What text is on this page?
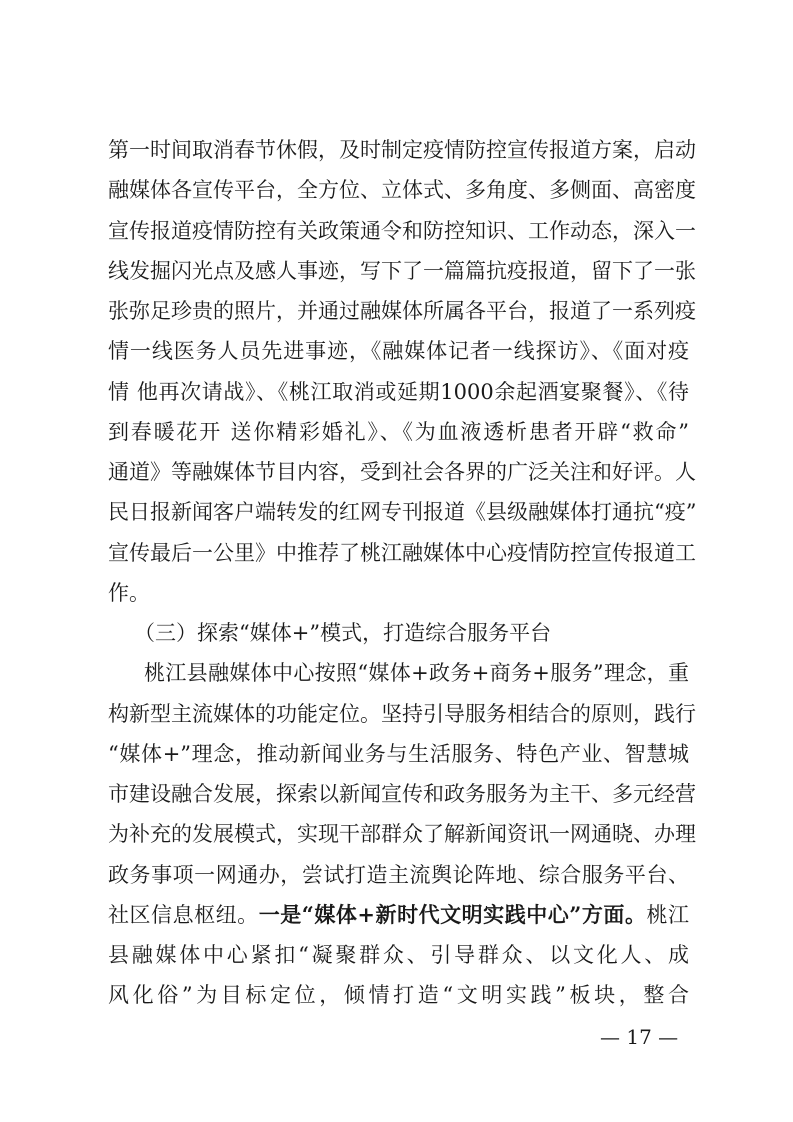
第一时间取消春节休假，及时制定疫情防控宣传报道方案，启动
融媒体各宣传平台，全方位、立体式、多角度、多侧面、高密度
宣传报道疫情防控有关政策通令和防控知识、工作动态，深入一
线发掘闪光点及感人事迹，写下了一篇篇抗疫报道，留下了一张
张弥足珍贵的照片，并通过融媒体所属各平台，报道了一系列疫
情一线医务人员先进事迹，《融媒体记者一线探访》、《面对疫
情 他再次请战》、《桃江取消或延期1000余起酒宴聚餐》、《待
到春暖花开 送你精彩婚礼》、《为血液透析患者开辟“救命”
通道》等融媒体节目内容，受到社会各界的广泛关注和好评。人
民日报新闻客户端转发的红网专刊报道《县级融媒体打通抗“疫”
宣传最后一公里》中推荐了桃江融媒体中心疫情防控宣传报道工
作。
（三）探索“媒体+”模式，打造综合服务平台
桃江县融媒体中心按照“媒体+政务+商务+服务”理念，重
构新型主流媒体的功能定位。坚持引导服务相结合的原则，践行
“媒体+”理念，推动新闻业务与生活服务、特色产业、智慧城
市建设融合发展，探索以新闻宣传和政务服务为主干、多元经营
为补充的发展模式，实现干部群众了解新闻资讯一网通晓、办理
政务事项一网通办，尝试打造主流舆论阵地、综合服务平台、
社区信息枢纽。一是“媒体+新时代文明实践中心”方面。桃江
县融媒体中心紧扣“凝聚群众、引导群众、以文化人、成
风化俗”为目标定位，倾情打造“文明实践”板块，整合
— 17 —
